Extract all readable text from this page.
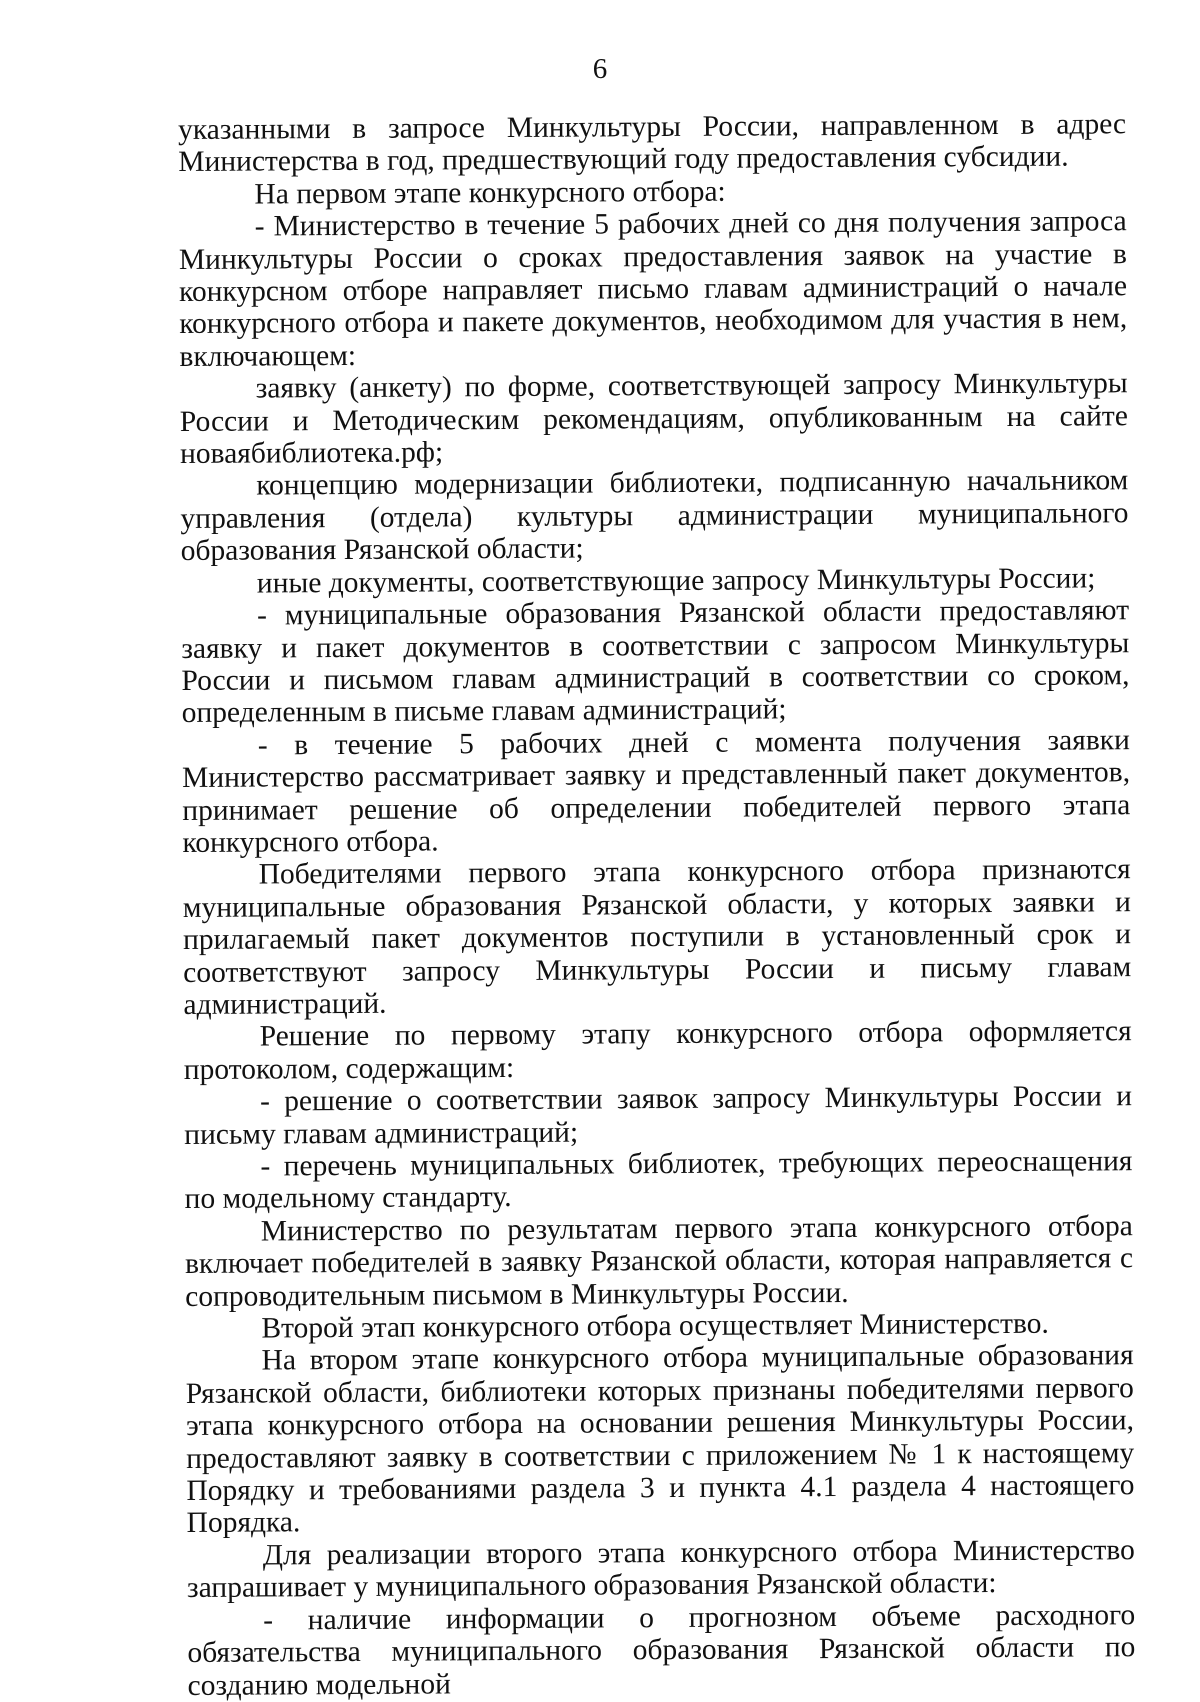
6

указанными в запросе Минкультуры России, направленном в адрес Министерства в год, предшествующий году предоставления субсидии.

На первом этапе конкурсного отбора:

- Министерство в течение 5 рабочих дней со дня получения запроса Минкультуры России о сроках предоставления заявок на участие в конкурсном отборе направляет письмо главам администраций о начале конкурсного отбора и пакете документов, необходимом для участия в нем, включающем:

заявку (анкету) по форме, соответствующей запросу Минкультуры России и Методическим рекомендациям, опубликованным на сайте новаябиблиотека.рф;

концепцию модернизации библиотеки, подписанную начальником управления (отдела) культуры администрации муниципального образования Рязанской области;

иные документы, соответствующие запросу Минкультуры России;

- муниципальные образования Рязанской области предоставляют заявку и пакет документов в соответствии с запросом Минкультуры России и письмом главам администраций в соответствии со сроком, определенным в письме главам администраций;

- в течение 5 рабочих дней с момента получения заявки Министерство рассматривает заявку и представленный пакет документов, принимает решение об определении победителей первого этапа конкурсного отбора.

Победителями первого этапа конкурсного отбора признаются муниципальные образования Рязанской области, у которых заявки и прилагаемый пакет документов поступили в установленный срок и соответствуют запросу Минкультуры России и письму главам администраций.

Решение по первому этапу конкурсного отбора оформляется протоколом, содержащим:

- решение о соответствии заявок запросу Минкультуры России и письму главам администраций;

- перечень муниципальных библиотек, требующих переоснащения по модельному стандарту.

Министерство по результатам первого этапа конкурсного отбора включает победителей в заявку Рязанской области, которая направляется с сопроводительным письмом в Минкультуры России.

Второй этап конкурсного отбора осуществляет Министерство.

На втором этапе конкурсного отбора муниципальные образования Рязанской области, библиотеки которых признаны победителями первого этапа конкурсного отбора на основании решения Минкультуры России, предоставляют заявку в соответствии с приложением № 1 к настоящему Порядку и требованиями раздела 3 и пункта 4.1 раздела 4 настоящего Порядка.

Для реализации второго этапа конкурсного отбора Министерство запрашивает у муниципального образования Рязанской области:

- наличие информации о прогнозном объеме расходного обязательства муниципального образования Рязанской области по созданию модельной
